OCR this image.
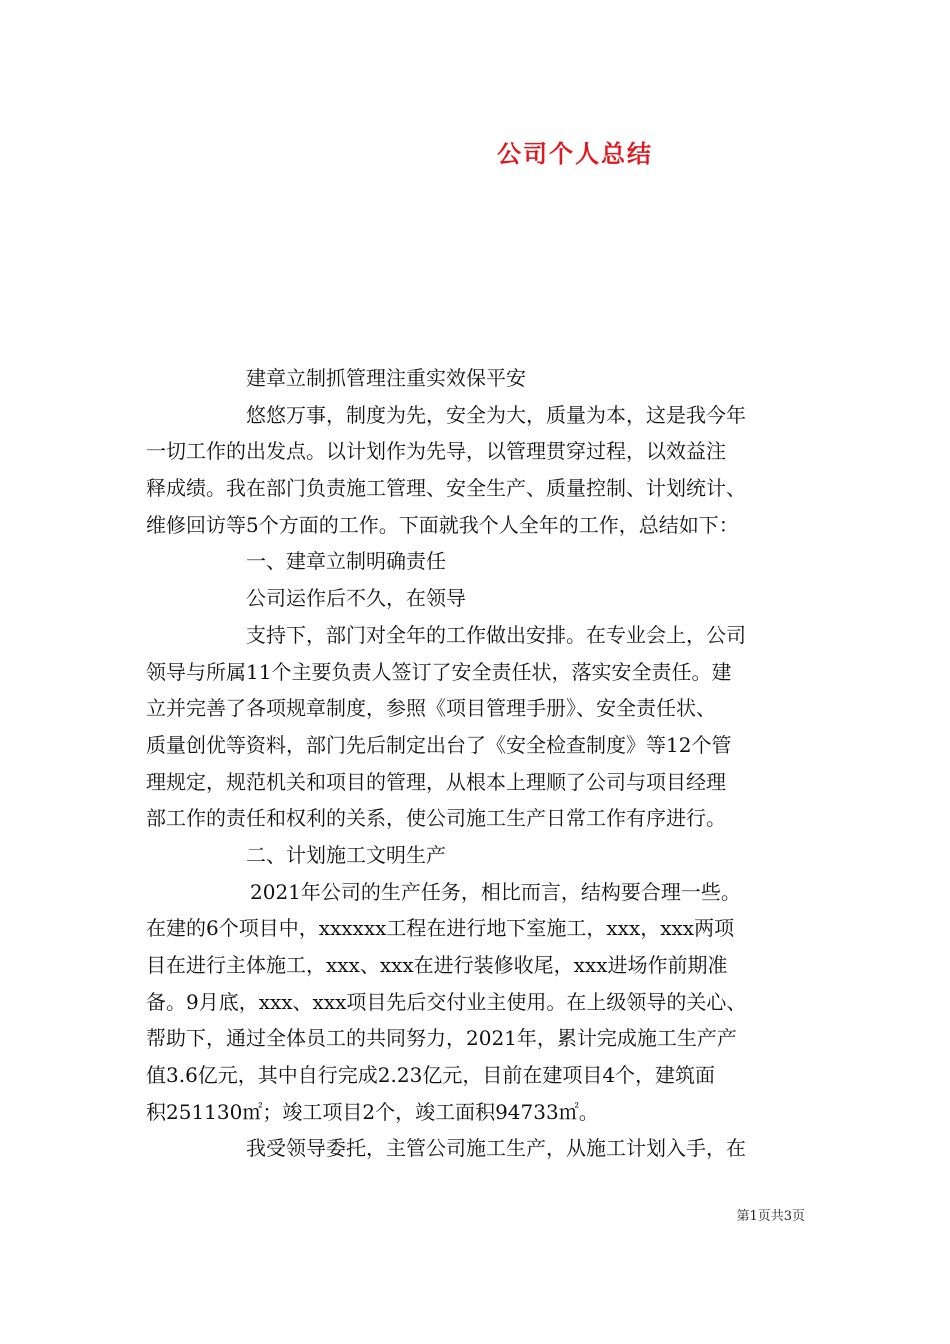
公司个人总结
建章立制抓管理注重实效保平安
悠悠万事，制度为先，安全为大，质量为本，这是我今年
一切工作的出发点。以计划作为先导，以管理贯穿过程，以效益注
释成绩。我在部门负责施工管理、安全生产、质量控制、计划统计、
维修回访等5个方面的工作。下面就我个人全年的工作，总结如下：
一、建章立制明确责任
公司运作后不久，在领导
支持下，部门对全年的工作做出安排。在专业会上，公司
领导与所属11个主要负责人签订了安全责任状，落实安全责任。建
立并完善了各项规章制度，参照《项目管理手册》、安全责任状、
质量创优等资料，部门先后制定出台了《安全检查制度》等12个管
理规定，规范机关和项目的管理，从根本上理顺了公司与项目经理
部工作的责任和权利的关系，使公司施工生产日常工作有序进行。
二、计划施工文明生产
2021年公司的生产任务，相比而言，结构要合理一些。
在建的6个项目中，xxxxxx工程在进行地下室施工，xxx，xxx两项
目在进行主体施工，xxx、xxx在进行装修收尾，xxx进场作前期准
备。9月底，xxx、xxx项目先后交付业主使用。在上级领导的关心、
帮助下，通过全体员工的共同努力，2021年，累计完成施工生产产
值3.6亿元，其中自行完成2.23亿元，目前在建项目4个，建筑面
积251130㎡；竣工项目2个，竣工面积94733㎡。
我受领导委托，主管公司施工生产，从施工计划入手，在
第1页共3页
